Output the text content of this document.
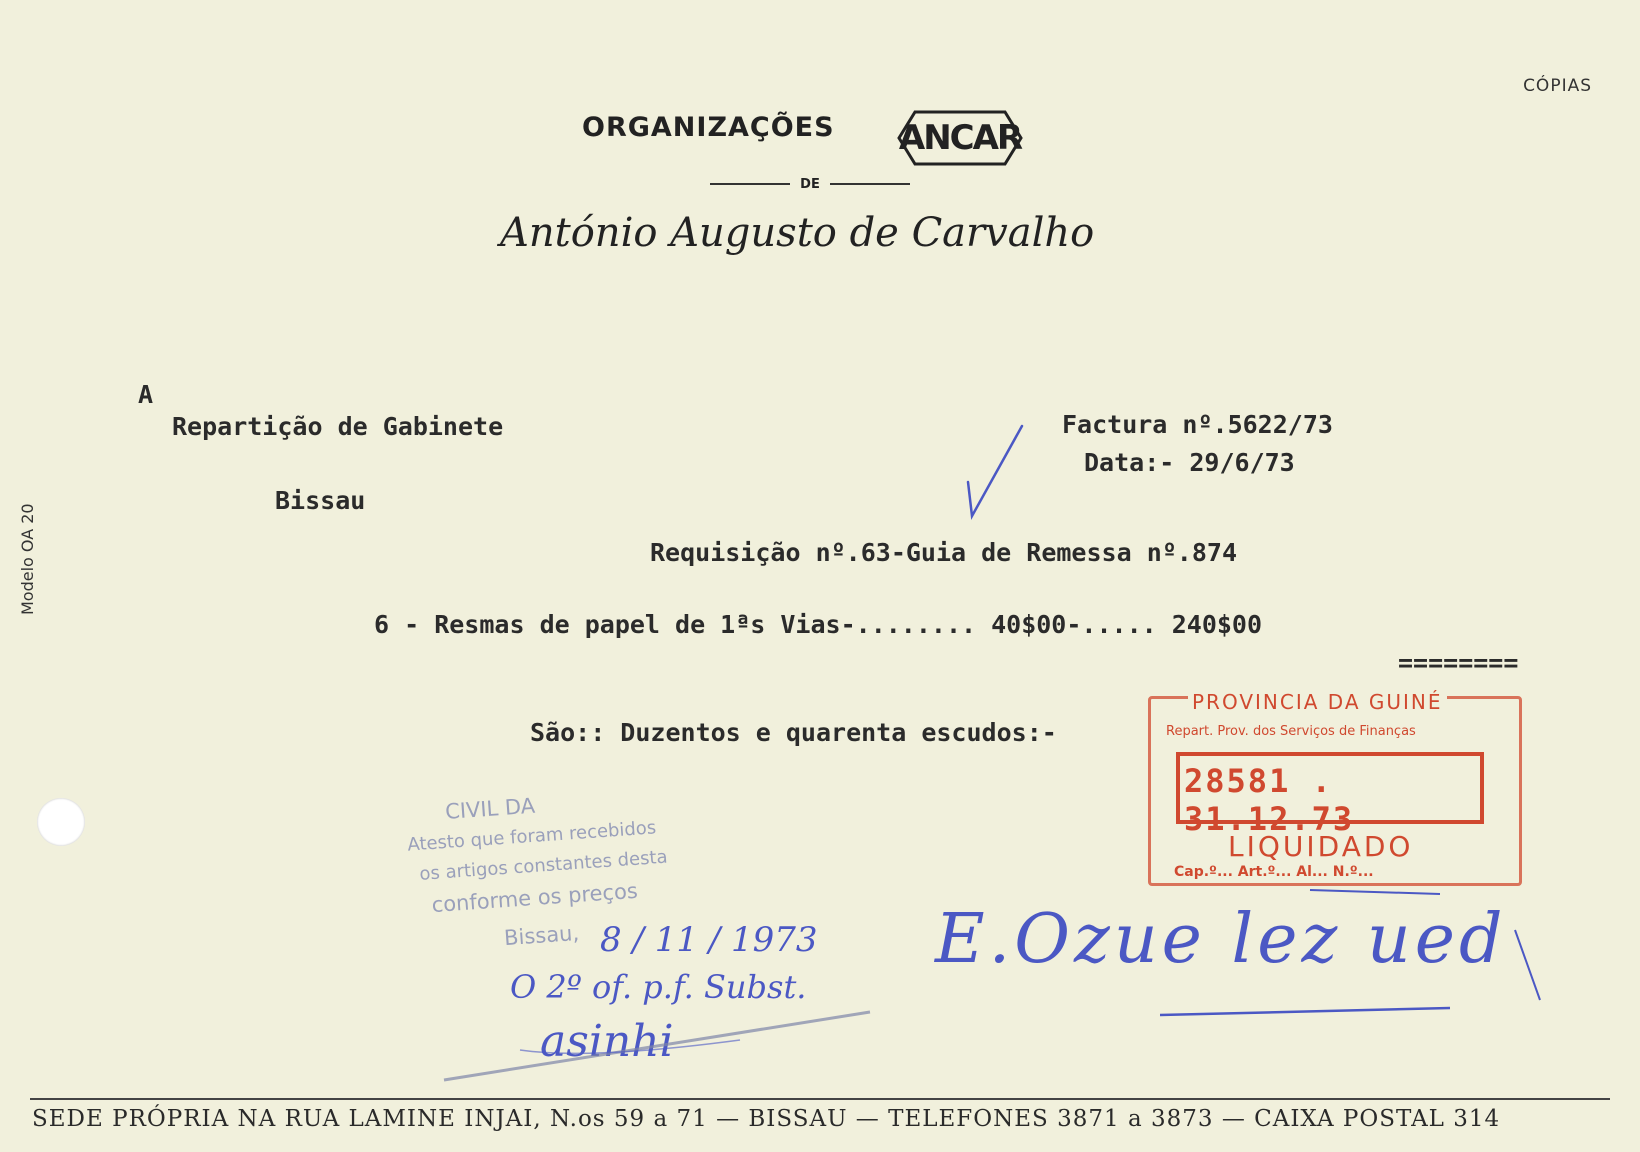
CÓPIAS
ORGANIZAÇÕES ANCAR
DE
António Augusto de Carvalho
Modelo OA 20
A
Repartição de Gabinete
Bissau
Factura nº.5622/73
Data:- 29/6/73
Requisição nº.63-Guia de Remessa nº.874
6 - Resmas de papel de 1ªs Vias-........ 40$00-..... 240$00
========
São:: Duzentos e quarenta escudos:-
CIVIL DA
Atesto que foram recebidos
os artigos constantes desta
conforme os preços
Bissau, 8 / 11 / 1973
O 2º of. p.f. Subst.
asinhi
E.Ozue lez ued
PROVINCIA DA GUINÉ
Repart. Prov. dos Serviços de Finanças
28581 . 31.12.73
LIQUIDADO
Cap.º... Art.º... Al... N.º...
SEDE PRÓPRIA NA RUA LAMINE INJAI, N.os 59 a 71 — BISSAU — TELEFONES 3871 a 3873 — CAIXA POSTAL 314
